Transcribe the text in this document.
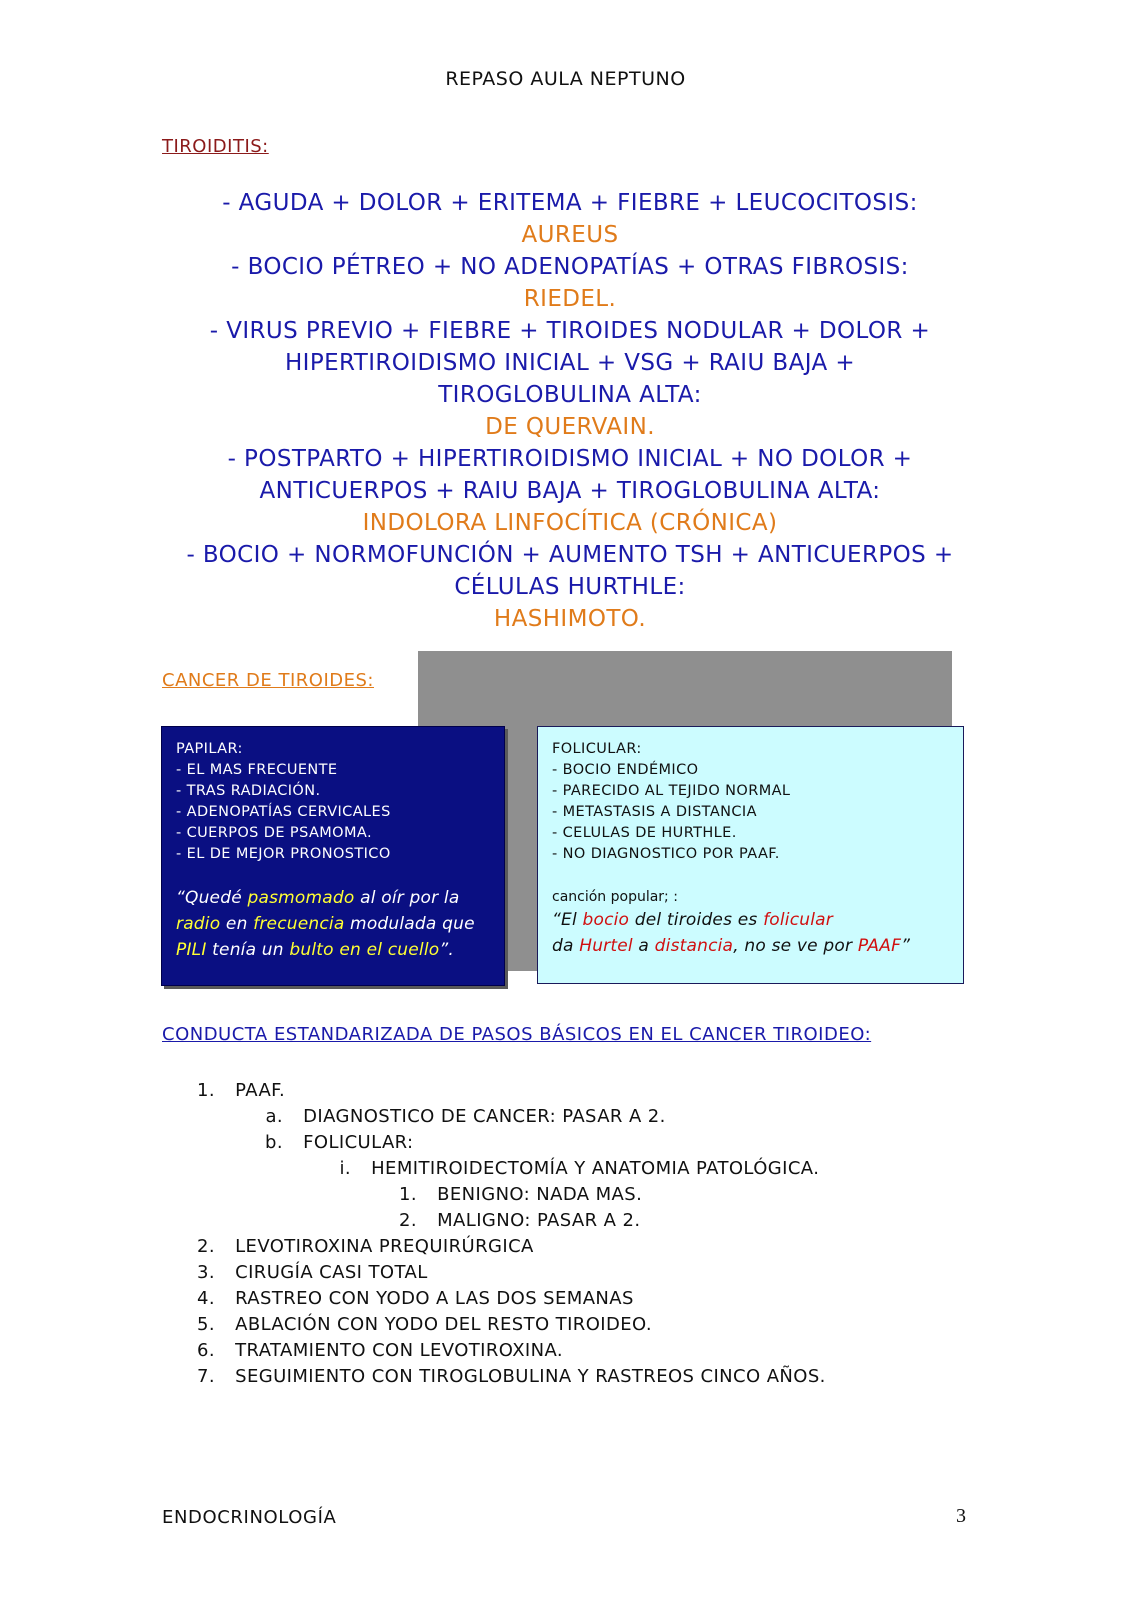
REPASO AULA NEPTUNO
TIROIDITIS:
- AGUDA + DOLOR + ERITEMA + FIEBRE + LEUCOCITOSIS:
AUREUS
- BOCIO PÉTREO + NO ADENOPATÍAS + OTRAS FIBROSIS:
RIEDEL.
- VIRUS PREVIO + FIEBRE + TIROIDES NODULAR + DOLOR +
HIPERTIROIDISMO INICIAL + VSG + RAIU BAJA +
TIROGLOBULINA ALTA:
DE QUERVAIN.
- POSTPARTO + HIPERTIROIDISMO INICIAL + NO DOLOR +
ANTICUERPOS + RAIU BAJA + TIROGLOBULINA ALTA:
INDOLORA LINFOCÍTICA (CRÓNICA)
- BOCIO + NORMOFUNCIÓN + AUMENTO TSH + ANTICUERPOS +
CÉLULAS HURTHLE:
HASHIMOTO.
CANCER DE TIROIDES:
PAPILAR:
- EL MAS FRECUENTE
- TRAS RADIACIÓN.
- ADENOPATÍAS CERVICALES
- CUERPOS DE PSAMOMA.
- EL DE MEJOR PRONOSTICO
“Quedé pasmomado al oír por la
radio en frecuencia modulada que
PILI tenía un bulto en el cuello”.
FOLICULAR:
- BOCIO ENDÉMICO
- PARECIDO AL TEJIDO NORMAL
- METASTASIS A DISTANCIA
- CELULAS DE HURTHLE.
- NO DIAGNOSTICO POR PAAF.
canción popular; :
“El bocio del tiroides es folicular
da Hurtel a distancia, no se ve por PAAF”
CONDUCTA ESTANDARIZADA DE PASOS BÁSICOS EN EL CANCER TIROIDEO:
1. PAAF.
a. DIAGNOSTICO DE CANCER: PASAR A 2.
b. FOLICULAR:
i. HEMITIROIDECTOMÍA Y ANATOMIA PATOLÓGICA.
1. BENIGNO: NADA MAS.
2. MALIGNO: PASAR A 2.
2. LEVOTIROXINA PREQUIRÚRGICA
3. CIRUGÍA CASI TOTAL
4. RASTREO CON YODO A LAS DOS SEMANAS
5. ABLACIÓN CON YODO DEL RESTO TIROIDEO.
6. TRATAMIENTO CON LEVOTIROXINA.
7. SEGUIMIENTO CON TIROGLOBULINA Y RASTREOS CINCO AÑOS.
ENDOCRINOLOGÍA	3
